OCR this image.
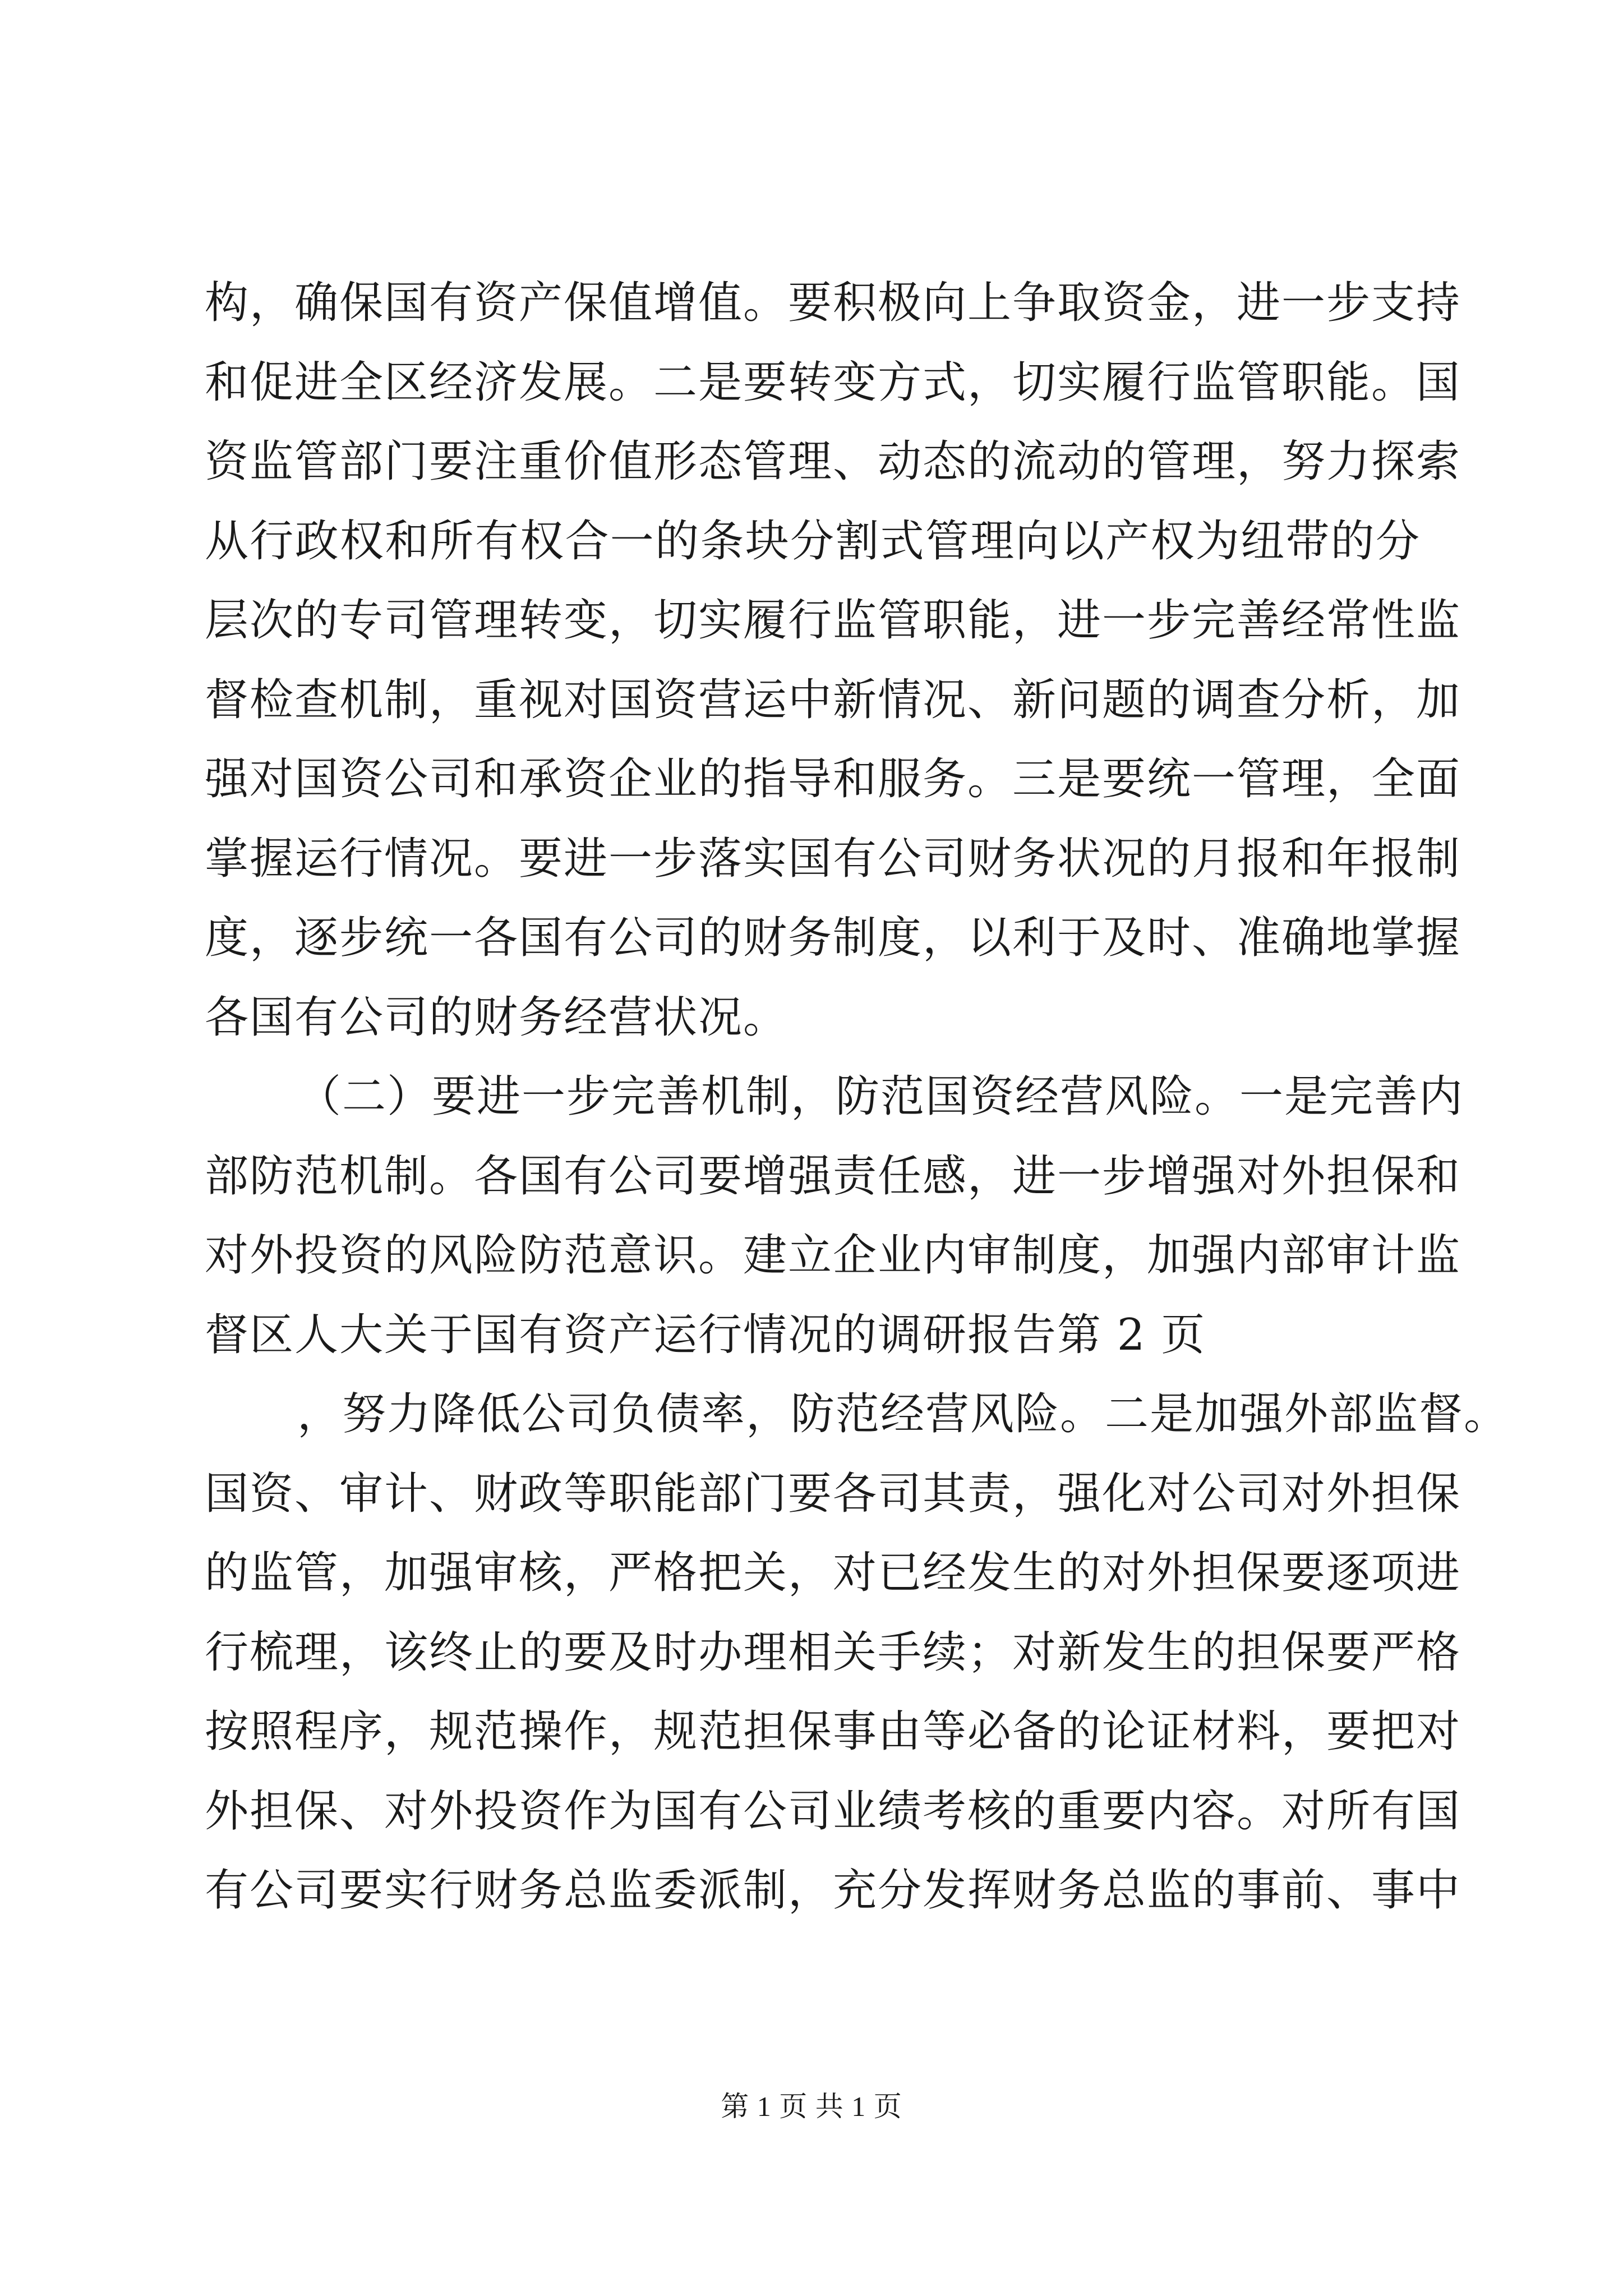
构，确保国有资产保值增值。要积极向上争取资金，进一步支持
和促进全区经济发展。二是要转变方式，切实履行监管职能。国
资监管部门要注重价值形态管理、动态的流动的管理，努力探索
从行政权和所有权合一的条块分割式管理向以产权为纽带的分
层次的专司管理转变，切实履行监管职能，进一步完善经常性监
督检查机制，重视对国资营运中新情况、新问题的调查分析，加
强对国资公司和承资企业的指导和服务。三是要统一管理，全面
掌握运行情况。要进一步落实国有公司财务状况的月报和年报制
度，逐步统一各国有公司的财务制度，以利于及时、准确地掌握
各国有公司的财务经营状况。
（二）要进一步完善机制，防范国资经营风险。一是完善内
部防范机制。各国有公司要增强责任感，进一步增强对外担保和
对外投资的风险防范意识。建立企业内审制度，加强内部审计监
督区人大关于国有资产运行情况的调研报告第 2 页
，努力降低公司负债率，防范经营风险。二是加强外部监督。
国资、审计、财政等职能部门要各司其责，强化对公司对外担保
的监管，加强审核，严格把关，对已经发生的对外担保要逐项进
行梳理，该终止的要及时办理相关手续；对新发生的担保要严格
按照程序，规范操作，规范担保事由等必备的论证材料，要把对
外担保、对外投资作为国有公司业绩考核的重要内容。对所有国
有公司要实行财务总监委派制，充分发挥财务总监的事前、事中
第 1 页 共 1 页
